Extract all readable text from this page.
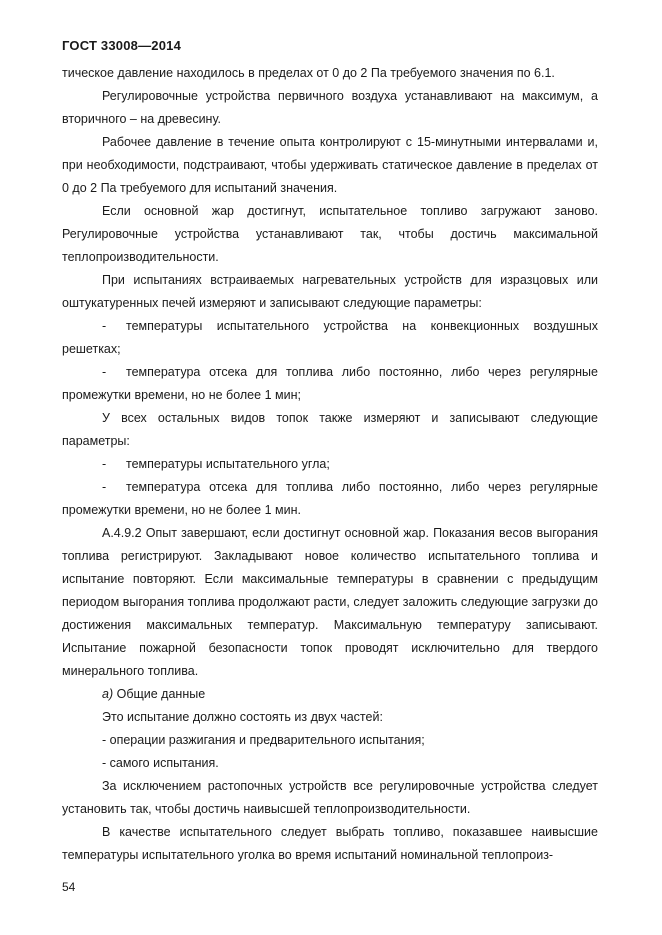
ГОСТ 33008—2014

тическое давление находилось в пределах от 0 до 2 Па требуемого значения по 6.1.

Регулировочные устройства первичного воздуха устанавливают на максимум, а вторичного – на древесину.

Рабочее давление в течение опыта контролируют с 15-минутными интервалами и, при необходимости, подстраивают, чтобы удерживать статическое давление в пределах от 0 до 2 Па требуемого для испытаний значения.

Если основной жар достигнут, испытательное топливо загружают заново. Регулировочные устройства устанавливают так, чтобы достичь максимальной теплопроизводительности.

При испытаниях встраиваемых нагревательных устройств для изразцовых или оштукатуренных печей измеряют и записывают следующие параметры:

- температуры испытательного устройства на конвекционных воздушных решетках;

- температура отсека для топлива либо постоянно, либо через регулярные промежутки времени, но не более 1 мин;

У всех остальных видов топок также измеряют и записывают следующие параметры:

- температуры испытательного угла;

- температура отсека для топлива либо постоянно, либо через регулярные промежутки времени, но не более 1 мин.

А.4.9.2 Опыт завершают, если достигнут основной жар. Показания весов выгорания топлива регистрируют. Закладывают новое количество испытательного топлива и испытание повторяют. Если максимальные температуры в сравнении с предыдущим периодом выгорания топлива продолжают расти, следует заложить следующие загрузки до достижения максимальных температур. Максимальную температуру записывают. Испытание пожарной безопасности топок проводят исключительно для твердого минерального топлива.

а) Общие данные

Это испытание должно состоять из двух частей:

- операции разжигания и предварительного испытания;

- самого испытания.

За исключением растопочных устройств все регулировочные устройства следует установить так, чтобы достичь наивысшей теплопроизводительности.

В качестве испытательного следует выбрать топливо, показавшее наивысшие температуры испытательного уголка во время испытаний номинальной теплопроиз-

54
